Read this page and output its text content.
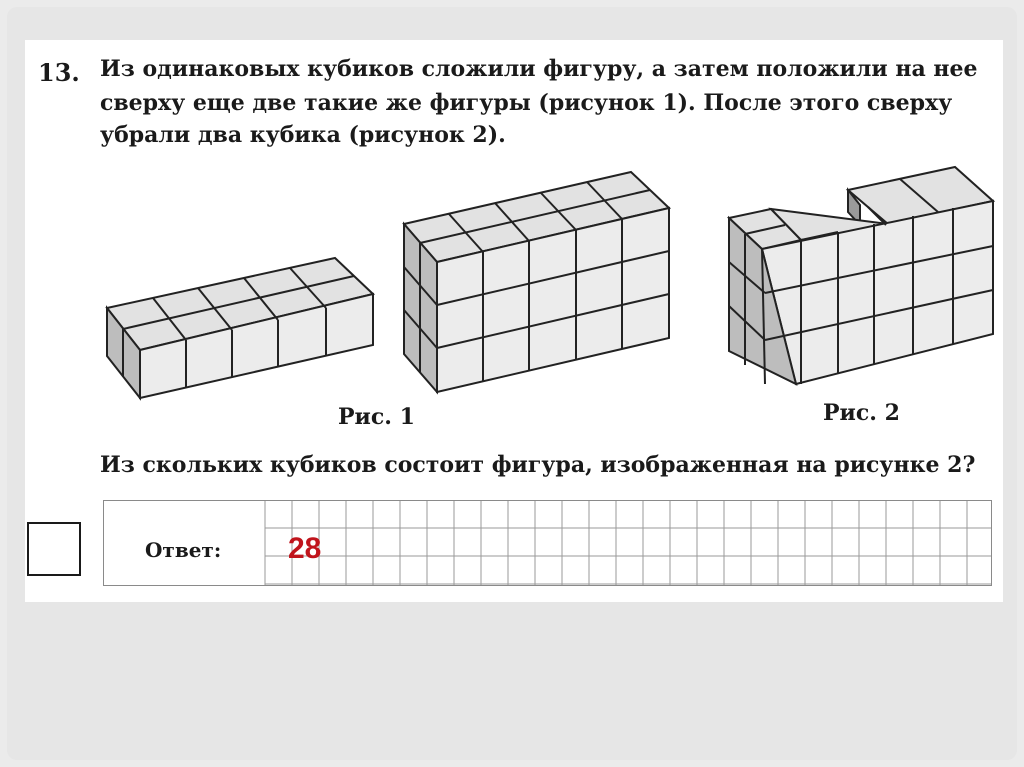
13. Из одинаковых кубиков сложили фигуру, а затем положили на нее
сверху еще две такие же фигуры (рисунок 1). После этого сверху
убрали два кубика (рисунок 2).
Рис. 1	Рис. 2
Из скольких кубиков состоит фигура, изображенная на рисунке 2?
Ответ: 28
